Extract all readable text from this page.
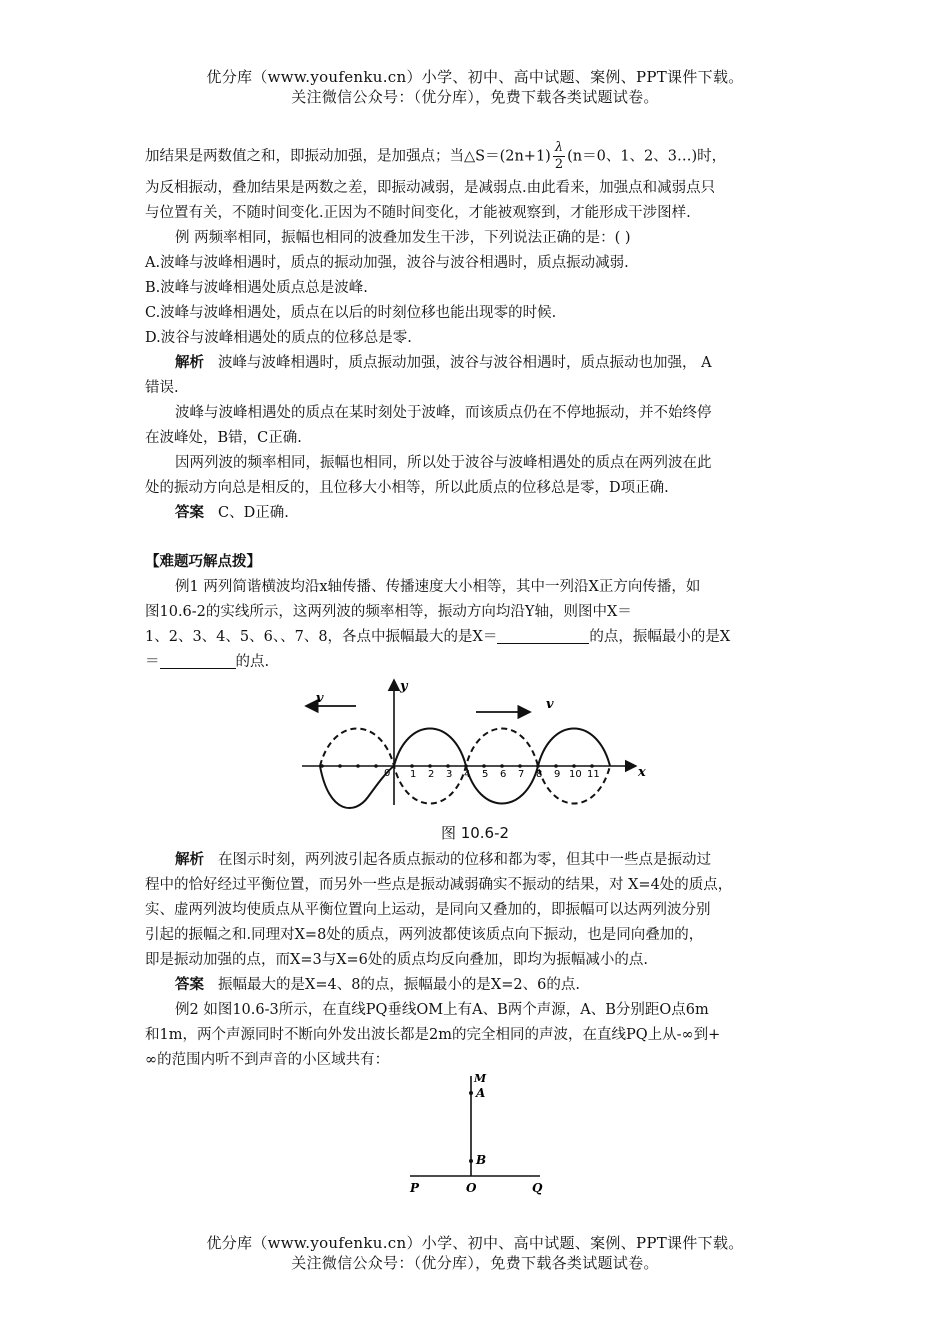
优分库（www.youfenku.cn）小学、初中、高中试题、案例、PPT课件下载。
关注微信公众号：（优分库），免费下载各类试题试卷。
加结果是两数值之和，即振动加强，是加强点；当△S＝(2n+1) $\frac{\lambda}{2} (n=0$、1、2、3…)时，
为反相振动，叠加结果是两数之差，即振动减弱，是减弱点.由此看来，加强点和减弱点只
与位置有关，不随时间变化.正因为不随时间变化，才能被观察到，才能形成干涉图样.
例 两频率相同，振幅也相同的波叠加发生干涉，下列说法正确的是：( )
A.波峰与波峰相遇时，质点的振动加强，波谷与波谷相遇时，质点振动减弱.
B.波峰与波峰相遇处质点总是波峰.
C.波峰与波峰相遇处，质点在以后的时刻位移也能出现零的时候.
D.波谷与波峰相遇处的质点的位移总是零.
解析 波峰与波峰相遇时，质点振动加强，波谷与波谷相遇时，质点振动也加强， A
错误.
波峰与波峰相遇处的质点在某时刻处于波峰，而该质点仍在不停地振动，并不始终停
在波峰处，B错，C正确.
因两列波的频率相同，振幅也相同，所以处于波谷与波峰相遇处的质点在两列波在此
处的振动方向总是相反的，且位移大小相等，所以此质点的位移总是零，D项正确.
答案 C、D正确.
【难题巧解点拨】
例1 两列简谐横波均沿x轴传播、传播速度大小相等，其中一列沿X正方向传播，如
图10.6-2的实线所示，这两列波的频率相等，振动方向均沿Y轴，则图中X＝
1、2、3、4、5、6、、7、8，各点中振幅最大的是X＝	的点，振幅最小的是X
＝	的点.
y
x
v	v
0 1 2 3 4 5 6 7 8 9 10 11
图 10.6-2
解析 在图示时刻，两列波引起各质点振动的位移和都为零，但其中一些点是振动过
程中的恰好经过平衡位置，而另外一些点是振动减弱确实不振动的结果，对 X=4处的质点，
实、虚两列波均使质点从平衡位置向上运动，是同向又叠加的，即振幅可以达两列波分别
引起的振幅之和.同理对X=8处的质点，两列波都使该质点向下振动，也是同向叠加的，
即是振动加强的点，而X=3与X=6处的质点均反向叠加，即均为振幅减小的点.
答案 振幅最大的是X=4、8的点，振幅最小的是X=2、6的点.
例2 如图10.6-3所示，在直线PQ垂线OM上有A、B两个声源，A、B分别距O点6m
和1m，两个声源同时不断向外发出波长都是2m的完全相同的声波，在直线PQ上从-∞到+
∞的范围内听不到声音的小区域共有：
M
A
B
P	O	Q
优分库（www.youfenku.cn）小学、初中、高中试题、案例、PPT课件下载。
关注微信公众号：（优分库），免费下载各类试题试卷。
